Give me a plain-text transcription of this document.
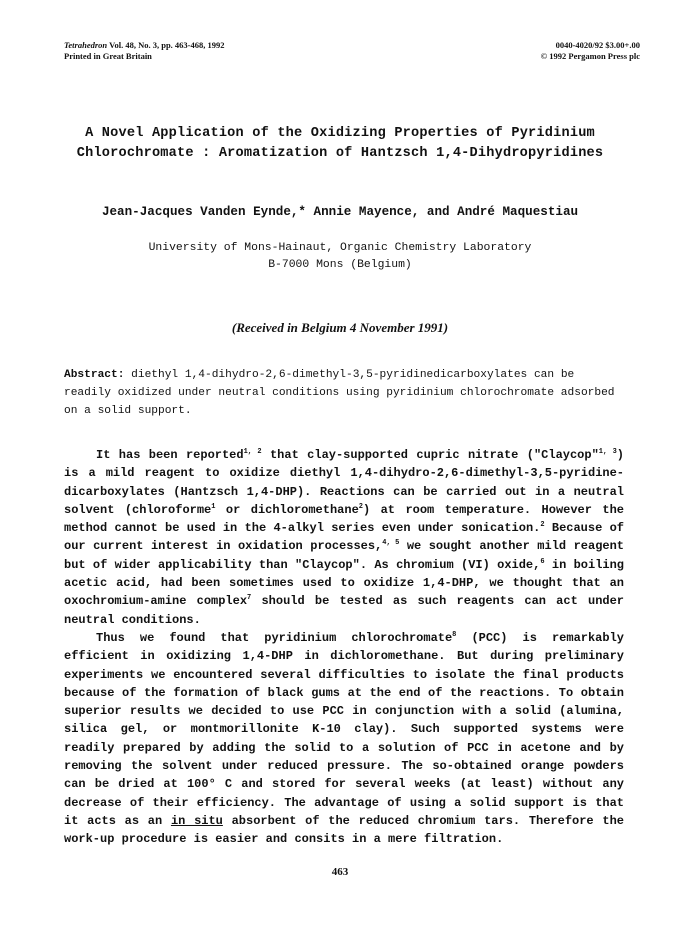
Tetrahedron Vol. 48, No. 3, pp. 463-468, 1992
Printed in Great Britain
0040-4020/92 $3.00+.00
© 1992 Pergamon Press plc
A Novel Application of the Oxidizing Properties of Pyridinium
Chlorochromate : Aromatization of Hantzsch 1,4-Dihydropyridines
Jean-Jacques Vanden Eynde,* Annie Mayence, and André Maquestiau
University of Mons-Hainaut, Organic Chemistry Laboratory
B-7000 Mons (Belgium)
(Received in Belgium 4 November 1991)
Abstract: diethyl 1,4-dihydro-2,6-dimethyl-3,5-pyridinedicarboxylates can be readily oxidized under neutral conditions using pyridinium chlorochromate adsorbed on a solid support.

It has been reported$^{1, 2}$ that clay-supported cupric nitrate ("Claycop"$^{1, 3}$) is a mild reagent to oxidize diethyl 1,4-dihydro-2,6-dimethyl-3,5-pyridine-dicarboxylates (Hantzsch 1,4-DHP). Reactions can be carried out in a neutral solvent (chloroforme$^1$ or dichloromethane$^2$) at room temperature. However the method cannot be used in the 4-alkyl series even under sonication.$^2$ Because of our current interest in oxidation processes,$^{4, 5}$ we sought another mild reagent but of wider applicability than "Claycop". As chromium (VI) oxide,$^6$ in boiling acetic acid, had been sometimes used to oxidize 1,4-DHP, we thought that an oxochromium-amine complex$^7$ should be tested as such reagents can act under neutral conditions.

Thus we found that pyridinium chlorochromate$^8$ (PCC) is remarkably efficient in oxidizing 1,4-DHP in dichloromethane. But during preliminary experiments we encountered several difficulties to isolate the final products because of the formation of black gums at the end of the reactions. To obtain superior results we decided to use PCC in conjunction with a solid (alumina, silica gel, or montmorillonite K-10 clay). Such supported systems were readily prepared by adding the solid to a solution of PCC in acetone and by removing the solvent under reduced pressure. The so-obtained orange powders can be dried at 100° C and stored for several weeks (at least) without any decrease of their efficiency. The advantage of using a solid support is that it acts as an in situ absorbent of the reduced chromium tars. Therefore the work-up procedure is easier and consits in a mere filtration.

463
